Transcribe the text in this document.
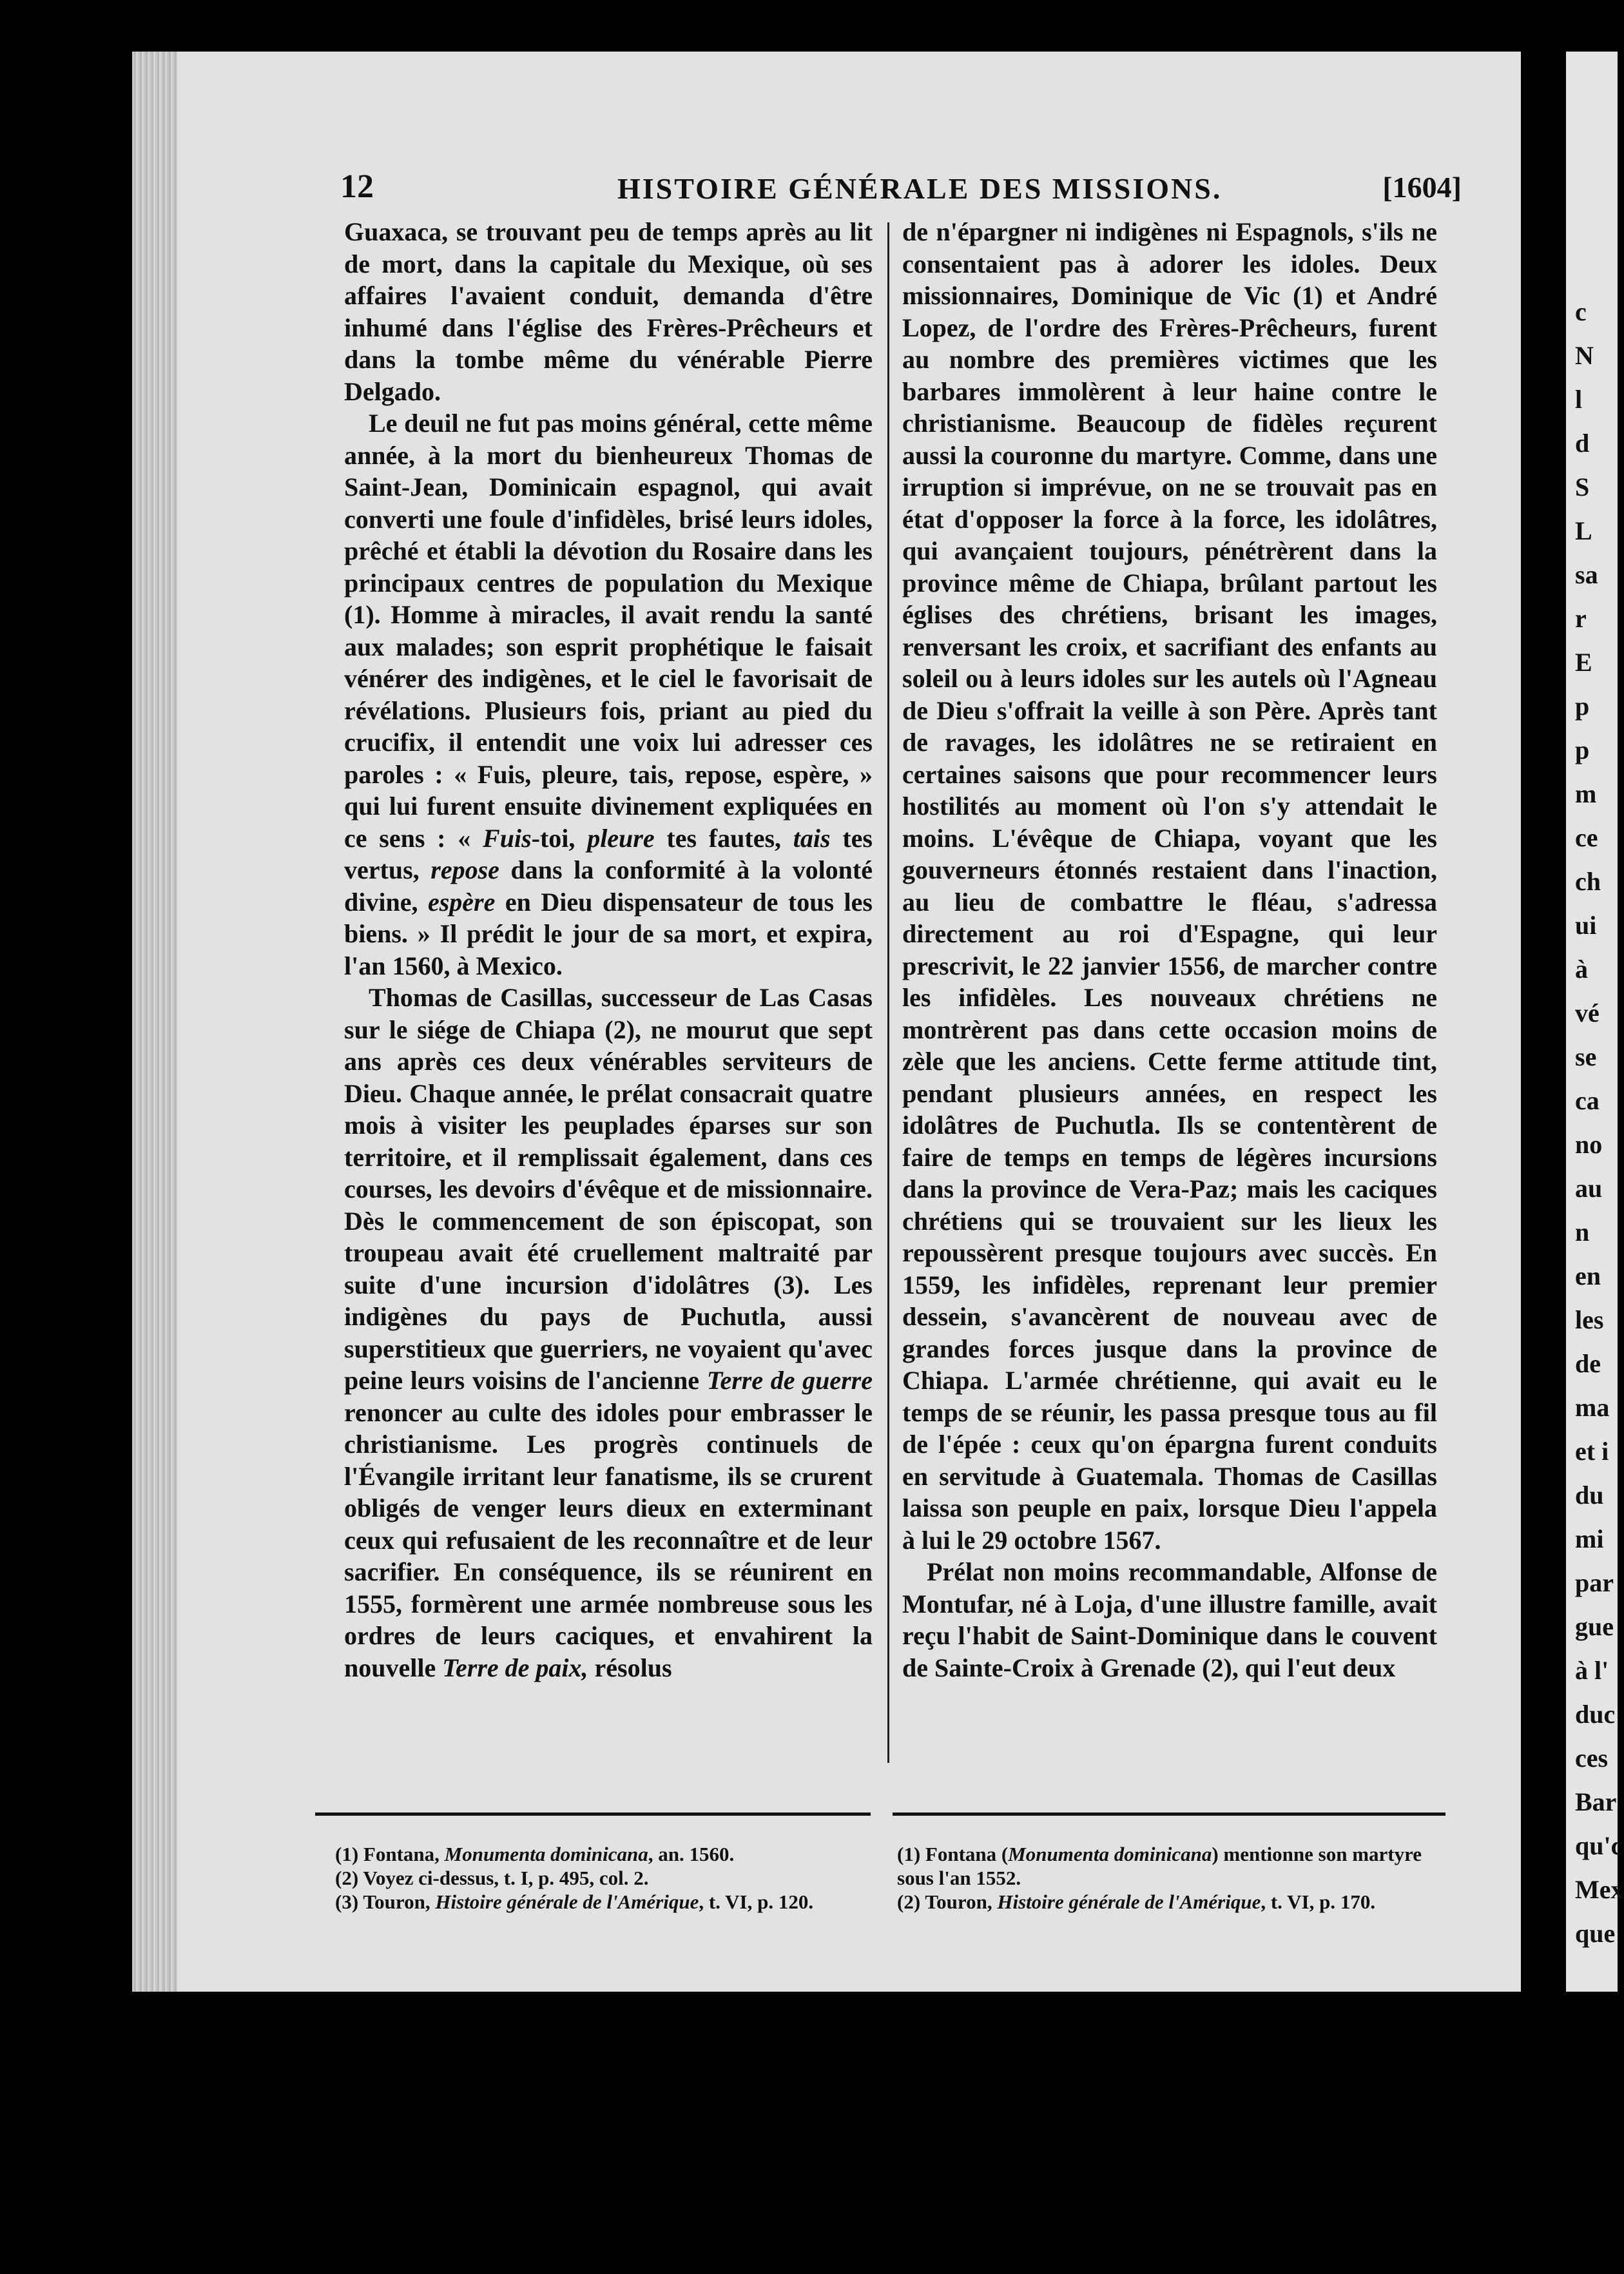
c
N
l
d
S
L
sa
r
E
p
p
m
ce
ch
ui
à
vé
se
ca
no
au
n
en
les
de
ma
et i
du
mi
par
gue
à l'
duc
ces
Bar
qu'c
Mex
que
12	HISTOIRE GÉNÉRALE DES MISSIONS.	[1604]

Guaxaca, se trouvant peu de temps après au lit de mort, dans la capitale du Mexique, où ses affaires l'avaient conduit, demanda d'être inhumé dans l'église des Frères-Prêcheurs et dans la tombe même du vénérable Pierre Delgado.

Le deuil ne fut pas moins général, cette même année, à la mort du bienheureux Thomas de Saint-Jean, Dominicain espagnol, qui avait converti une foule d'infidèles, brisé leurs idoles, prêché et établi la dévotion du Rosaire dans les principaux centres de population du Mexique (1). Homme à miracles, il avait rendu la santé aux malades; son esprit prophétique le faisait vénérer des indigènes, et le ciel le favorisait de révélations. Plusieurs fois, priant au pied du crucifix, il entendit une voix lui adresser ces paroles : « Fuis, pleure, tais, repose, espère, » qui lui furent ensuite divinement expliquées en ce sens : « Fuis-toi, pleure tes fautes, tais tes vertus, repose dans la conformité à la volonté divine, espère en Dieu dispensateur de tous les biens. » Il prédit le jour de sa mort, et expira, l'an 1560, à Mexico.

Thomas de Casillas, successeur de Las Casas sur le siége de Chiapa (2), ne mourut que sept ans après ces deux vénérables serviteurs de Dieu. Chaque année, le prélat consacrait quatre mois à visiter les peuplades éparses sur son territoire, et il remplissait également, dans ces courses, les devoirs d'évêque et de missionnaire. Dès le commencement de son épiscopat, son troupeau avait été cruellement maltraité par suite d'une incursion d'idolâtres (3). Les indigènes du pays de Puchutla, aussi superstitieux que guerriers, ne voyaient qu'avec peine leurs voisins de l'ancienne Terre de guerre renoncer au culte des idoles pour embrasser le christianisme. Les progrès continuels de l'Évangile irritant leur fanatisme, ils se crurent obligés de venger leurs dieux en exterminant ceux qui refusaient de les reconnaître et de leur sacrifier. En conséquence, ils se réunirent en 1555, formèrent une armée nombreuse sous les ordres de leurs caciques, et envahirent la nouvelle Terre de paix, résolus

de n'épargner ni indigènes ni Espagnols, s'ils ne consentaient pas à adorer les idoles. Deux missionnaires, Dominique de Vic (1) et André Lopez, de l'ordre des Frères-Prêcheurs, furent au nombre des premières victimes que les barbares immolèrent à leur haine contre le christianisme. Beaucoup de fidèles reçurent aussi la couronne du martyre. Comme, dans une irruption si imprévue, on ne se trouvait pas en état d'opposer la force à la force, les idolâtres, qui avançaient toujours, pénétrèrent dans la province même de Chiapa, brûlant partout les églises des chrétiens, brisant les images, renversant les croix, et sacrifiant des enfants au soleil ou à leurs idoles sur les autels où l'Agneau de Dieu s'offrait la veille à son Père. Après tant de ravages, les idolâtres ne se retiraient en certaines saisons que pour recommencer leurs hostilités au moment où l'on s'y attendait le moins. L'évêque de Chiapa, voyant que les gouverneurs étonnés restaient dans l'inaction, au lieu de combattre le fléau, s'adressa directement au roi d'Espagne, qui leur prescrivit, le 22 janvier 1556, de marcher contre les infidèles. Les nouveaux chrétiens ne montrèrent pas dans cette occasion moins de zèle que les anciens. Cette ferme attitude tint, pendant plusieurs années, en respect les idolâtres de Puchutla. Ils se contentèrent de faire de temps en temps de légères incursions dans la province de Vera-Paz; mais les caciques chrétiens qui se trouvaient sur les lieux les repoussèrent presque toujours avec succès. En 1559, les infidèles, reprenant leur premier dessein, s'avancèrent de nouveau avec de grandes forces jusque dans la province de Chiapa. L'armée chrétienne, qui avait eu le temps de se réunir, les passa presque tous au fil de l'épée : ceux qu'on épargna furent conduits en servitude à Guatemala. Thomas de Casillas laissa son peuple en paix, lorsque Dieu l'appela à lui le 29 octobre 1567.

Prélat non moins recommandable, Alfonse de Montufar, né à Loja, d'une illustre famille, avait reçu l'habit de Saint-Dominique dans le couvent de Sainte-Croix à Grenade (2), qui l'eut deux

(1) Fontana, Monumenta dominicana, an. 1560.

(2) Voyez ci-dessus, t. I, p. 495, col. 2.

(3) Touron, Histoire générale de l'Amérique, t. VI, p. 120.

(1) Fontana (Monumenta dominicana) mentionne son martyre sous l'an 1552.

(2) Touron, Histoire générale de l'Amérique, t. VI, p. 170.
